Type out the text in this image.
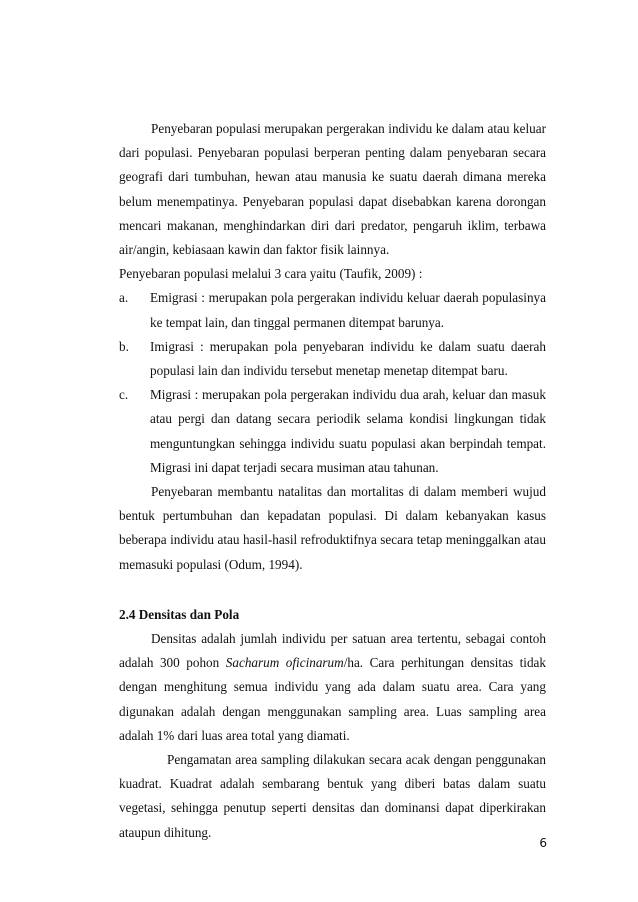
Penyebaran populasi merupakan pergerakan individu ke dalam atau keluar dari populasi. Penyebaran populasi berperan penting dalam penyebaran secara geografi dari tumbuhan, hewan atau manusia ke suatu daerah dimana mereka belum menempatinya. Penyebaran populasi dapat disebabkan karena dorongan mencari makanan, menghindarkan diri dari predator, pengaruh iklim, terbawa air/angin, kebiasaan kawin dan faktor fisik lainnya.

Penyebaran populasi melalui 3 cara yaitu (Taufik, 2009) :

a.	Emigrasi : merupakan pola pergerakan individu keluar daerah populasinya ke tempat lain, dan tinggal permanen ditempat barunya.
b.	Imigrasi : merupakan pola penyebaran individu ke dalam suatu daerah populasi lain dan individu tersebut menetap menetap ditempat baru.
c.	Migrasi : merupakan pola pergerakan individu dua arah, keluar dan masuk atau pergi dan datang secara periodik selama kondisi lingkungan tidak menguntungkan sehingga individu suatu populasi akan berpindah tempat. Migrasi ini dapat terjadi secara musiman atau tahunan.

Penyebaran membantu natalitas dan mortalitas di dalam memberi wujud bentuk pertumbuhan dan kepadatan populasi. Di dalam kebanyakan kasus beberapa individu atau hasil-hasil refroduktifnya secara tetap meninggalkan atau memasuki populasi (Odum, 1994).

2.4 Densitas dan Pola

Densitas adalah jumlah individu per satuan area tertentu, sebagai contoh adalah 300 pohon Sacharum oficinarum/ha. Cara perhitungan densitas tidak dengan menghitung semua individu yang ada dalam suatu area. Cara yang digunakan adalah dengan menggunakan sampling area. Luas sampling area adalah 1% dari luas area total yang diamati.

Pengamatan area sampling dilakukan secara acak dengan penggunakan kuadrat. Kuadrat adalah sembarang bentuk yang diberi batas dalam suatu vegetasi, sehingga penutup seperti densitas dan dominansi dapat diperkirakan ataupun dihitung.

6
